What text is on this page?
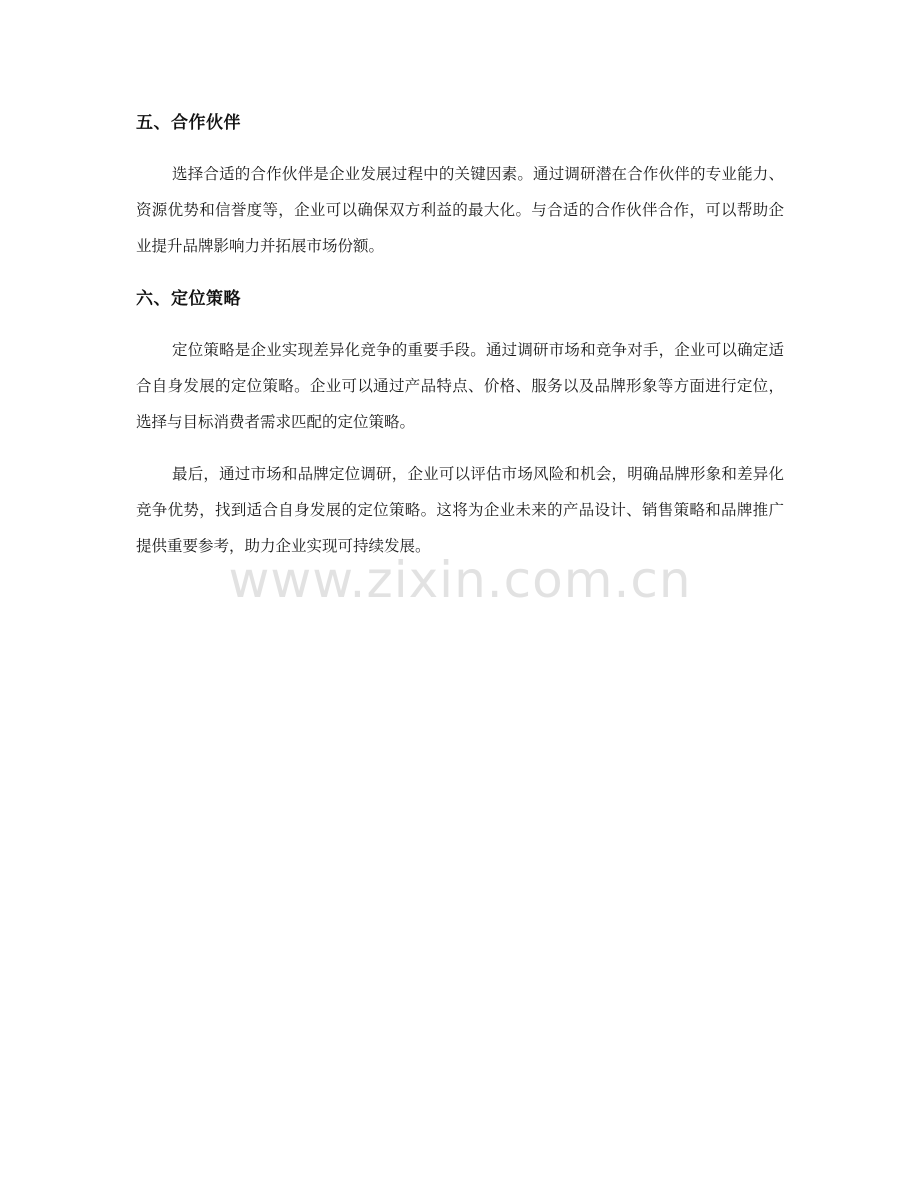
五、合作伙伴

选择合适的合作伙伴是企业发展过程中的关键因素。通过调研潜在合作伙伴的专业能力、资源优势和信誉度等，企业可以确保双方利益的最大化。与合适的合作伙伴合作，可以帮助企业提升品牌影响力并拓展市场份额。

六、定位策略

定位策略是企业实现差异化竞争的重要手段。通过调研市场和竞争对手，企业可以确定适合自身发展的定位策略。企业可以通过产品特点、价格、服务以及品牌形象等方面进行定位，选择与目标消费者需求匹配的定位策略。

最后，通过市场和品牌定位调研，企业可以评估市场风险和机会，明确品牌形象和差异化竞争优势，找到适合自身发展的定位策略。这将为企业未来的产品设计、销售策略和品牌推广提供重要参考，助力企业实现可持续发展。

www.zixin.com.cn
